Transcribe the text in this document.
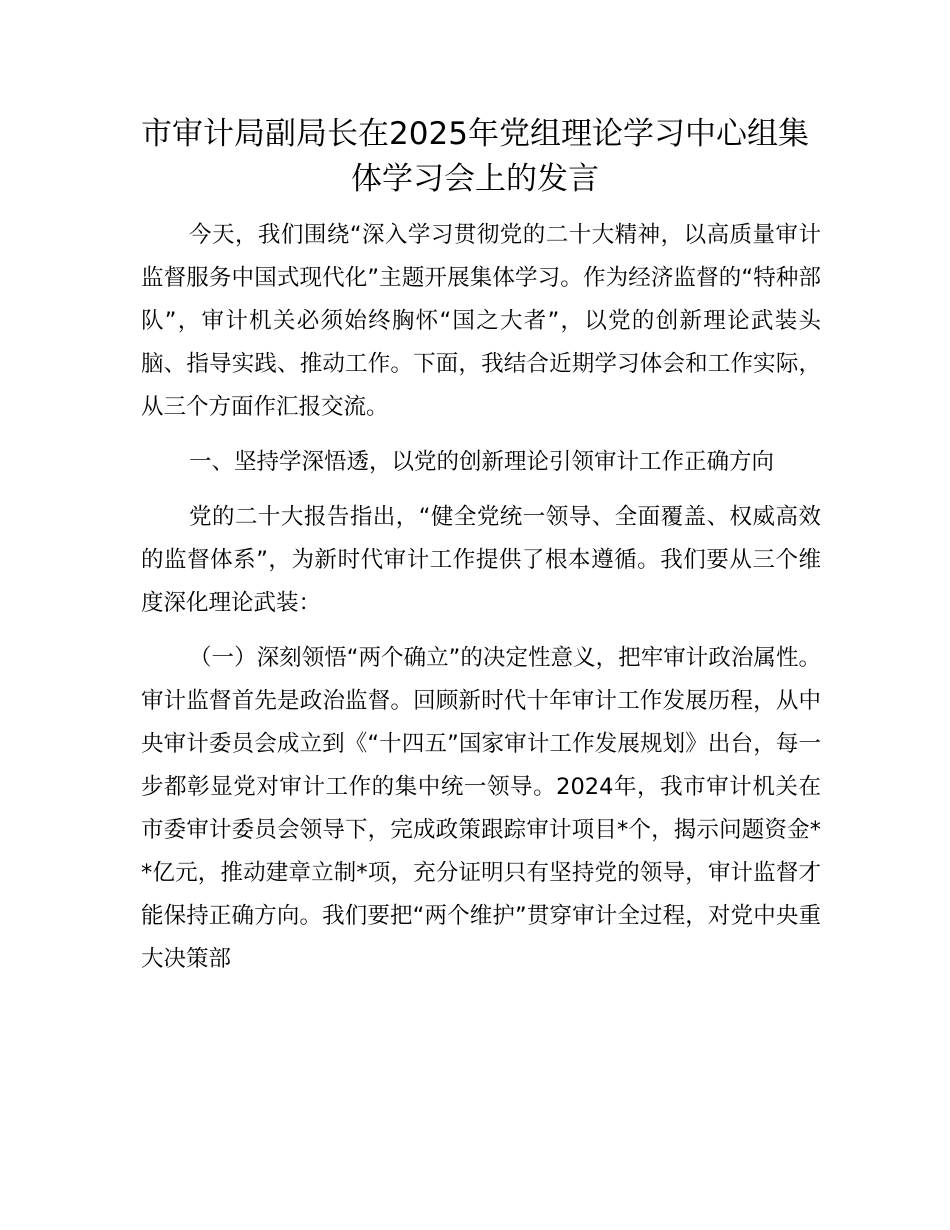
市审计局副局长在2025年党组理论学习中心组集体学习会上的发言

今天，我们围绕“深入学习贯彻党的二十大精神，以高质量审计监督服务中国式现代化”主题开展集体学习。作为经济监督的“特种部队”，审计机关必须始终胸怀“国之大者”，以党的创新理论武装头脑、指导实践、推动工作。下面，我结合近期学习体会和工作实际，从三个方面作汇报交流。

一、坚持学深悟透，以党的创新理论引领审计工作正确方向

党的二十大报告指出，“健全党统一领导、全面覆盖、权威高效的监督体系”，为新时代审计工作提供了根本遵循。我们要从三个维度深化理论武装：

（一）深刻领悟“两个确立”的决定性意义，把牢审计政治属性。审计监督首先是政治监督。回顾新时代十年审计工作发展历程，从中央审计委员会成立到《“十四五”国家审计工作发展规划》出台，每一步都彰显党对审计工作的集中统一领导。2024年，我市审计机关在市委审计委员会领导下，完成政策跟踪审计项目*个，揭示问题资金**亿元，推动建章立制*项，充分证明只有坚持党的领导，审计监督才能保持正确方向。我们要把“两个维护”贯穿审计全过程，对党中央重大决策部
